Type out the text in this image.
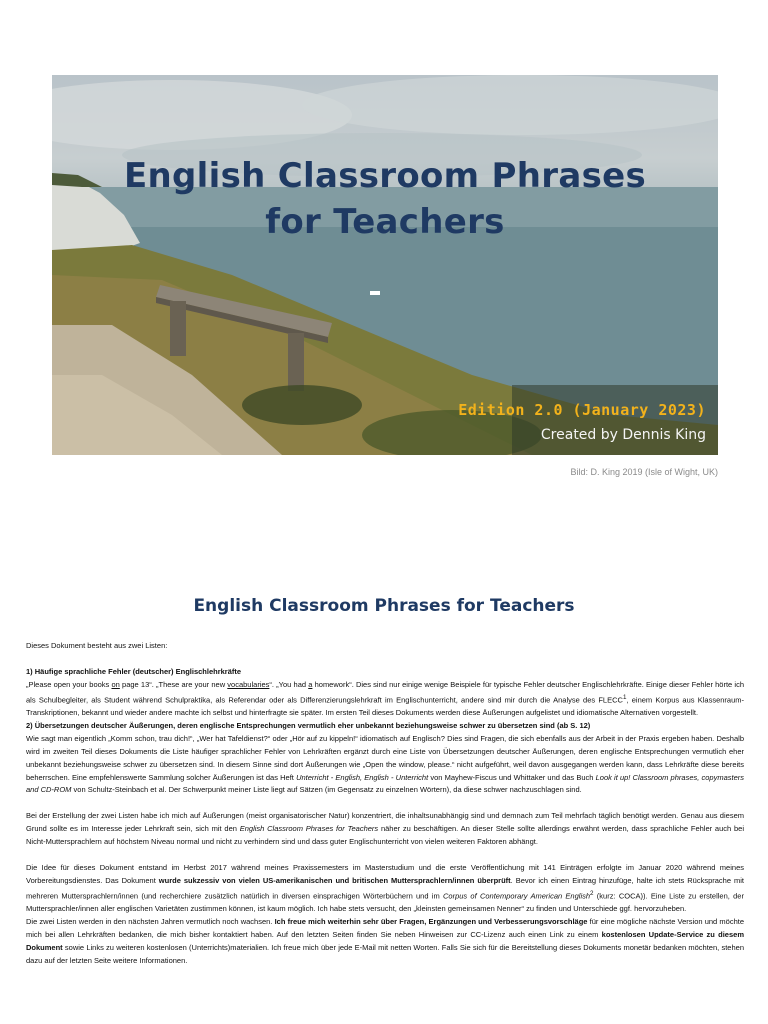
English Classroom Phrases
for Teachers
Edition 2.0 (January 2023)
Created by Dennis King
Bild: D. King 2019 (Isle of Wight, UK)
English Classroom Phrases for Teachers

Dieses Dokument besteht aus zwei Listen:

1) Häufige sprachliche Fehler (deutscher) Englischlehrkräfte

„Please open your books on page 13“. „These are your new vocabularies“. „You had a homework“. Dies sind nur einige wenige Beispiele für typische Fehler deutscher Englischlehrkräfte. Einige dieser Fehler hörte ich als Schulbegleiter, als Student während Schulpraktika, als Referendar oder als Differenzierungslehrkraft im Englischunterricht, andere sind mir durch die Analyse des FLECC$^1$, einem Korpus aus Klassenraum-Transkriptionen, bekannt und wieder andere machte ich selbst und hinterfragte sie später. Im ersten Teil dieses Dokuments werden diese Äußerungen aufgelistet und idiomatische Alternativen vorgestellt.

2) Übersetzungen deutscher Äußerungen, deren englische Entsprechungen vermutlich eher unbekannt beziehungsweise schwer zu übersetzen sind (ab S. 12)

Wie sagt man eigentlich „Komm schon, trau dich!“, „Wer hat Tafeldienst?“ oder „Hör auf zu kippeln!“ idiomatisch auf Englisch? Dies sind Fragen, die sich ebenfalls aus der Arbeit in der Praxis ergeben haben. Deshalb wird im zweiten Teil dieses Dokuments die Liste häufiger sprachlicher Fehler von Lehrkräften ergänzt durch eine Liste von Übersetzungen deutscher Äußerungen, deren englische Entsprechungen vermutlich eher unbekannt beziehungsweise schwer zu übersetzen sind. In diesem Sinne sind dort Äußerungen wie „Open the window, please.“ nicht aufgeführt, weil davon ausgegangen werden kann, dass Lehrkräfte diese bereits beherrschen. Eine empfehlenswerte Sammlung solcher Äußerungen ist das Heft Unterricht - English, English - Unterricht von Mayhew-Fiscus und Whittaker und das Buch Look it up! Classroom phrases, copymasters and CD-ROM von Schultz-Steinbach et al. Der Schwerpunkt meiner Liste liegt auf Sätzen (im Gegensatz zu einzelnen Wörtern), da diese schwer nachzuschlagen sind.

Bei der Erstellung der zwei Listen habe ich mich auf Äußerungen (meist organisatorischer Natur) konzentriert, die inhaltsunabhängig sind und demnach zum Teil mehrfach täglich benötigt werden. Genau aus diesem Grund sollte es im Interesse jeder Lehrkraft sein, sich mit den English Classroom Phrases for Teachers näher zu beschäftigen. An dieser Stelle sollte allerdings erwähnt werden, dass sprachliche Fehler auch bei Nicht-Muttersprachlern auf höchstem Niveau normal und nicht zu verhindern sind und dass guter Englischunterricht von vielen weiteren Faktoren abhängt.

Die Idee für dieses Dokument entstand im Herbst 2017 während meines Praxissemesters im Masterstudium und die erste Veröffentlichung mit 141 Einträgen erfolgte im Januar 2020 während meines Vorbereitungsdienstes. Das Dokument wurde sukzessiv von vielen US-amerikanischen und britischen Muttersprachlern/innen überprüft. Bevor ich einen Eintrag hinzufüge, halte ich stets Rücksprache mit mehreren Muttersprachlern/innen (und recherchiere zusätzlich natürlich in diversen einsprachigen Wörterbüchern und im Corpus of Contemporary American English$^2$ (kurz: COCA)). Eine Liste zu erstellen, der Muttersprachler/innen aller englischen Varietäten zustimmen können, ist kaum möglich. Ich habe stets versucht, den „kleinsten gemeinsamen Nenner“ zu finden und Unterschiede ggf. hervorzuheben.

Die zwei Listen werden in den nächsten Jahren vermutlich noch wachsen. Ich freue mich weiterhin sehr über Fragen, Ergänzungen und Verbesserungsvorschläge für eine mögliche nächste Version und möchte mich bei allen Lehrkräften bedanken, die mich bisher kontaktiert haben. Auf den letzten Seiten finden Sie neben Hinweisen zur CC-Lizenz auch einen Link zu einem kostenlosen Update-Service zu diesem Dokument sowie Links zu weiteren kostenlosen (Unterrichts)materialien. Ich freue mich über jede E-Mail mit netten Worten. Falls Sie sich für die Bereitstellung dieses Dokuments monetär bedanken möchten, stehen dazu auf der letzten Seite weitere Informationen.
